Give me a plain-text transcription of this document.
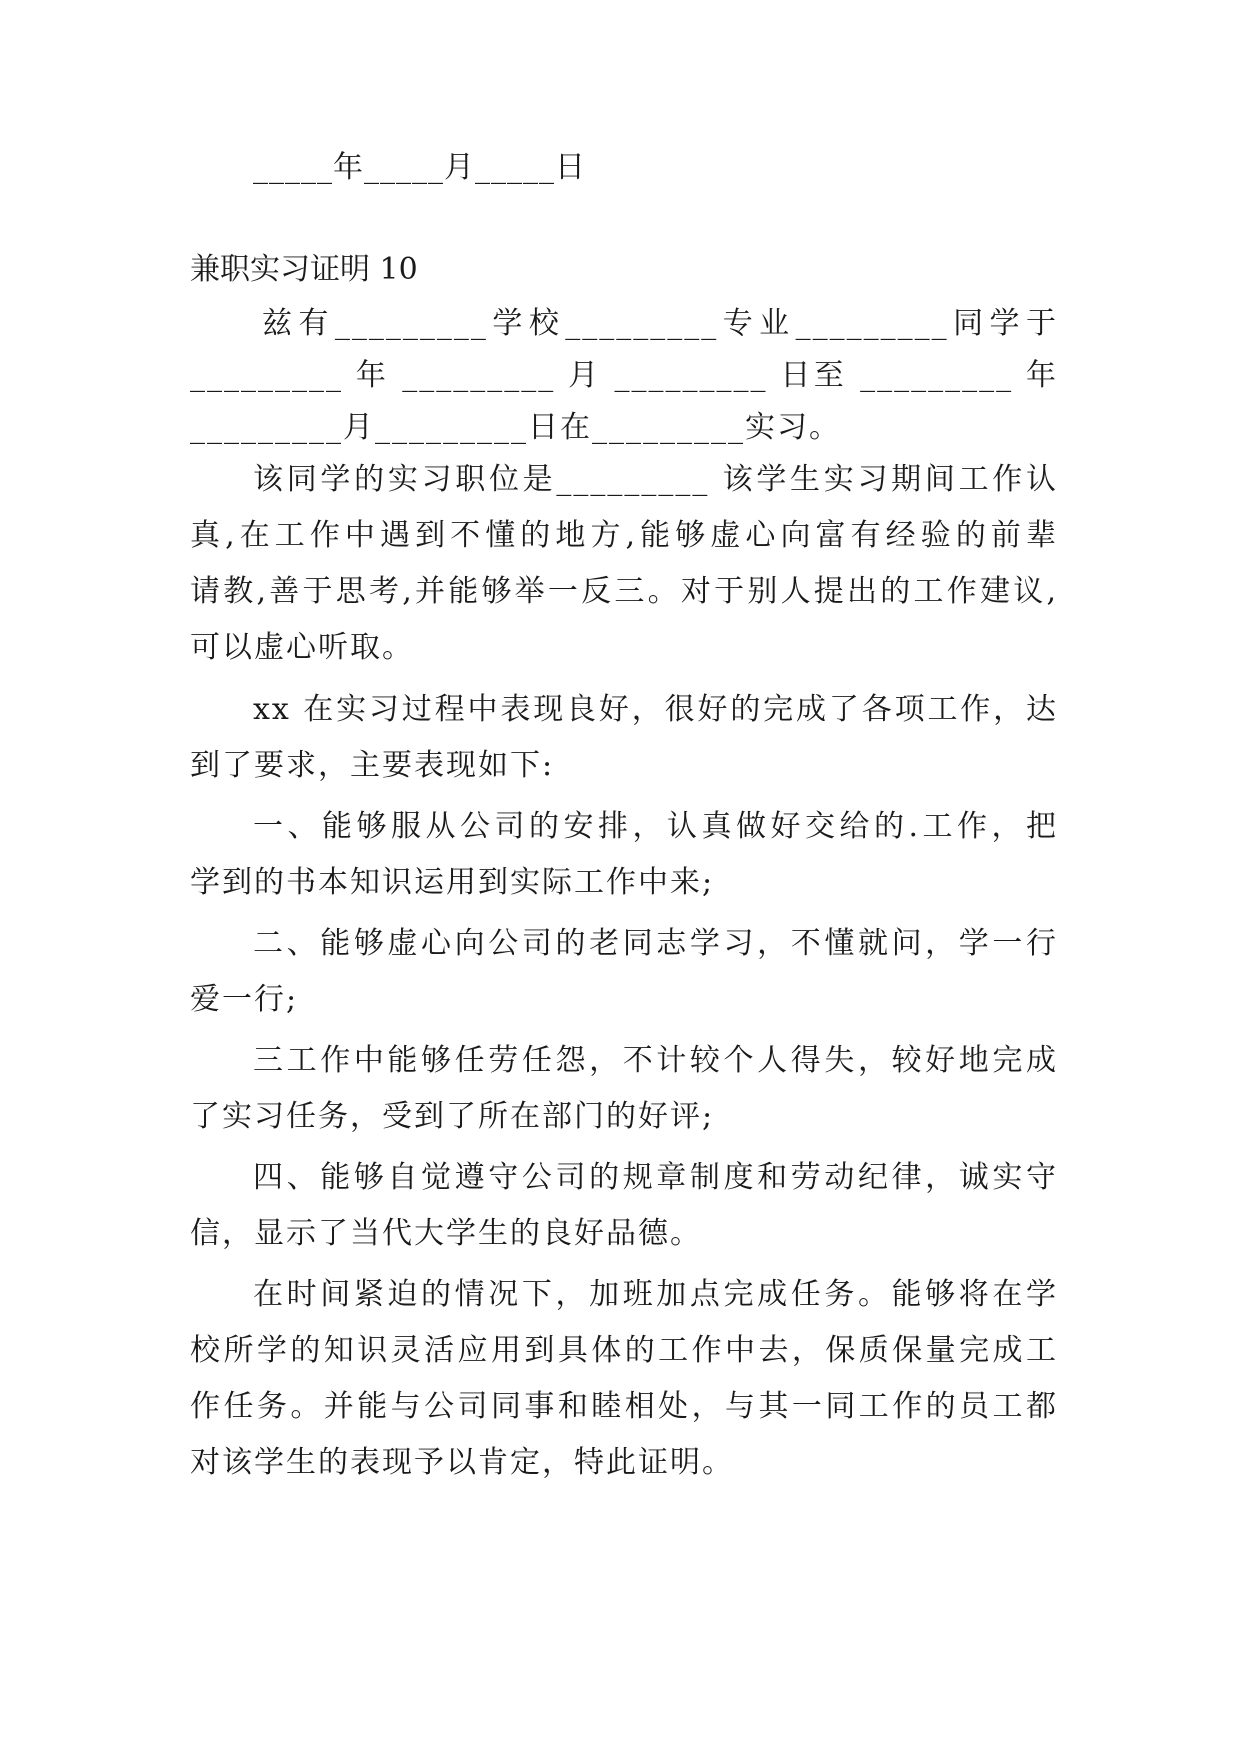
_____年_____月_____日

兼职实习证明 10

兹有_________学校_________专业_________同学于

_________ 年 _________ 月 _________ 日至 _________ 年

_________月_________日在_________实习。

该同学的实习职位是_________ 该学生实习期间工作认

真,在工作中遇到不懂的地方,能够虚心向富有经验的前辈

请教,善于思考,并能够举一反三。对于别人提出的工作建议,

可以虚心听取。

xx 在实习过程中表现良好，很好的完成了各项工作，达

到了要求，主要表现如下:

一、能够服从公司的安排，认真做好交给的.工作，把

学到的书本知识运用到实际工作中来;

二、能够虚心向公司的老同志学习，不懂就问，学一行

爱一行;

三工作中能够任劳任怨，不计较个人得失，较好地完成

了实习任务，受到了所在部门的好评;

四、能够自觉遵守公司的规章制度和劳动纪律，诚实守

信，显示了当代大学生的良好品德。

在时间紧迫的情况下，加班加点完成任务。能够将在学

校所学的知识灵活应用到具体的工作中去，保质保量完成工

作任务。并能与公司同事和睦相处，与其一同工作的员工都

对该学生的表现予以肯定，特此证明。
